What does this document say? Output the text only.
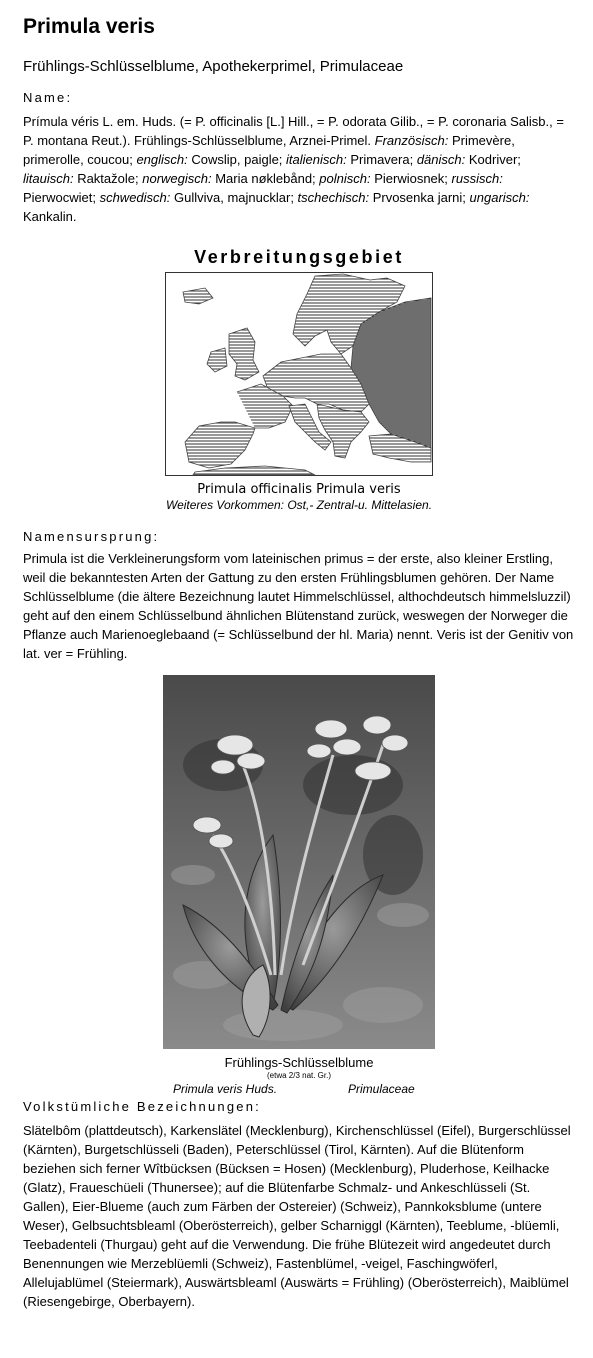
Primula veris
Frühlings-Schlüsselblume, Apothekerprimel, Primulaceae
Name:
Prímula véris L. em. Huds. (= P. officinalis [L.] Hill., = P. odorata Gilib., = P. coronaria Salisb., = P. montana Reut.). Frühlings-Schlüsselblume, Arznei-Primel. Französisch: Primevère, primerolle, coucou; englisch: Cowslip, paigle; italienisch: Primavera; dänisch: Kodriver; litauisch: Raktažole; norwegisch: Maria nøklebånd; polnisch: Pierwiosnek; russisch: Pierwocwiet; schwedisch: Gullviva, majnucklar; tschechisch: Prvosenka jarni; ungarisch: Kankalin.
Verbreitungsgebiet
Primula officinalis Primula veris
Weiteres Vorkommen: Ost,- Zentral-u. Mittelasien.
Namensursprung:
Primula ist die Verkleinerungsform vom lateinischen primus = der erste, also kleiner Erstling, weil die bekanntesten Arten der Gattung zu den ersten Frühlingsblumen gehören. Der Name Schlüsselblume (die ältere Bezeichnung lautet Himmelschlüssel, althochdeutsch himmelsluzzil) geht auf den einem Schlüsselbund ähnlichen Blütenstand zurück, weswegen der Norweger die Pflanze auch Marienoeglebaand (= Schlüsselbund der hl. Maria) nennt. Veris ist der Genitiv von lat. ver = Frühling.
Frühlings-Schlüsselblume
(etwa 2/3 nat. Gr.)
Primula veris Huds.	Primulaceae
Volkstümliche Bezeichnungen:
Slätelbôm (plattdeutsch), Karkenslätel (Mecklenburg), Kirchenschlüssel (Eifel), Burgerschlüssel (Kärnten), Burgetschlüsseli (Baden), Peterschlüssel (Tirol, Kärnten). Auf die Blütenform beziehen sich ferner Wîtbücksen (Bücksen = Hosen) (Mecklenburg), Pluderhose, Keilhacke (Glatz), Fraueschüeli (Thunersee); auf die Blütenfarbe Schmalz- und Ankeschlüsseli (St. Gallen), Eier-Blueme (auch zum Färben der Ostereier) (Schweiz), Pannkoksblume (untere Weser), Gelbsuchtsbleaml (Oberösterreich), gelber Scharniggl (Kärnten), Teeblume, -blüemli, Teebadenteli (Thurgau) geht auf die Verwendung. Die frühe Blütezeit wird angedeutet durch Benennungen wie Merzeblüemli (Schweiz), Fastenblümel, -veigel, Faschingwöferl, Allelujablümel (Steiermark), Auswärtsbleaml (Auswärts = Frühling) (Oberösterreich), Maiblümel (Riesengebirge, Oberbayern).
